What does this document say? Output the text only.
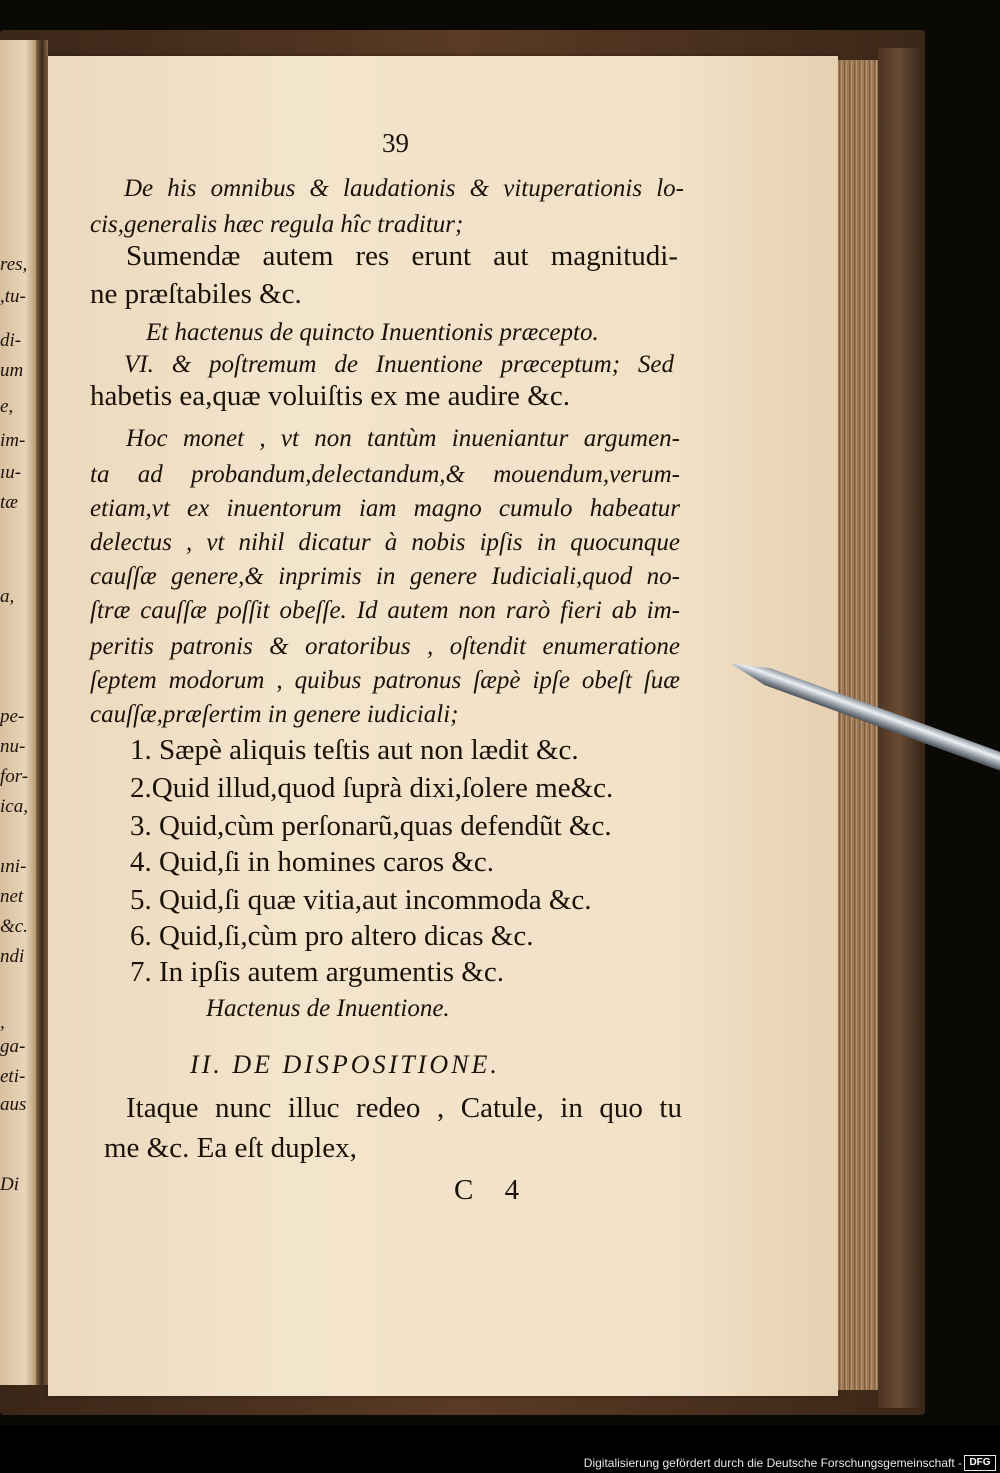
res,
,tu-
di-
um
e,
im-
ıu-
tæ
a,
pe-
nu-
for-
ica,
ıni-
net
&c.
ndi
,
ga-
eti-
aus
Di
39
De his omnibus & laudationis & vituperationis lo-
cis,generalis hæc regula hîc traditur;
Sumendæ autem res erunt aut magnitudi-
ne præſtabiles &c.
Et hactenus de quincto Inuentionis præcepto.
VI. & poſtremum de Inuentione præceptum; Sed
habetis ea,quæ voluiſtis ex me audire &c.
Hoc monet , vt non tantùm inueniantur argumen-
ta ad probandum,delectandum,& mouendum,verum-
etiam,vt ex inuentorum iam magno cumulo habeatur
delectus , vt nihil dicatur à nobis ipſis in quocunque
cauſſæ genere,& inprimis in genere Iudiciali,quod no-
ſtræ cauſſæ poſſit obeſſe. Id autem non rarò fieri ab im-
peritis patronis & oratoribus , oſtendit enumeratione
ſeptem modorum , quibus patronus ſæpè ipſe obeſt ſuæ
cauſſæ,præſertim in genere iudiciali;
1. Sæpè aliquis teſtis aut non lædit &c.
2.Quid illud,quod ſuprà dixi,ſolere me&c.
3. Quid,cùm perſonarũ,quas defendũt &c.
4. Quid,ſi in homines caros &c.
5. Quid,ſi quæ vitia,aut incommoda &c.
6. Quid,ſi,cùm pro altero dicas &c.
7. In ipſis autem argumentis &c.
Hactenus de Inuentione.
II. DE DISPOSITIONE.
Itaque nunc illuc redeo , Catule, in quo tu
me &c. Ea eſt duplex,
C 4
Digitalisierung gefördert durch die Deutsche Forschungsgemeinschaft - DFG
